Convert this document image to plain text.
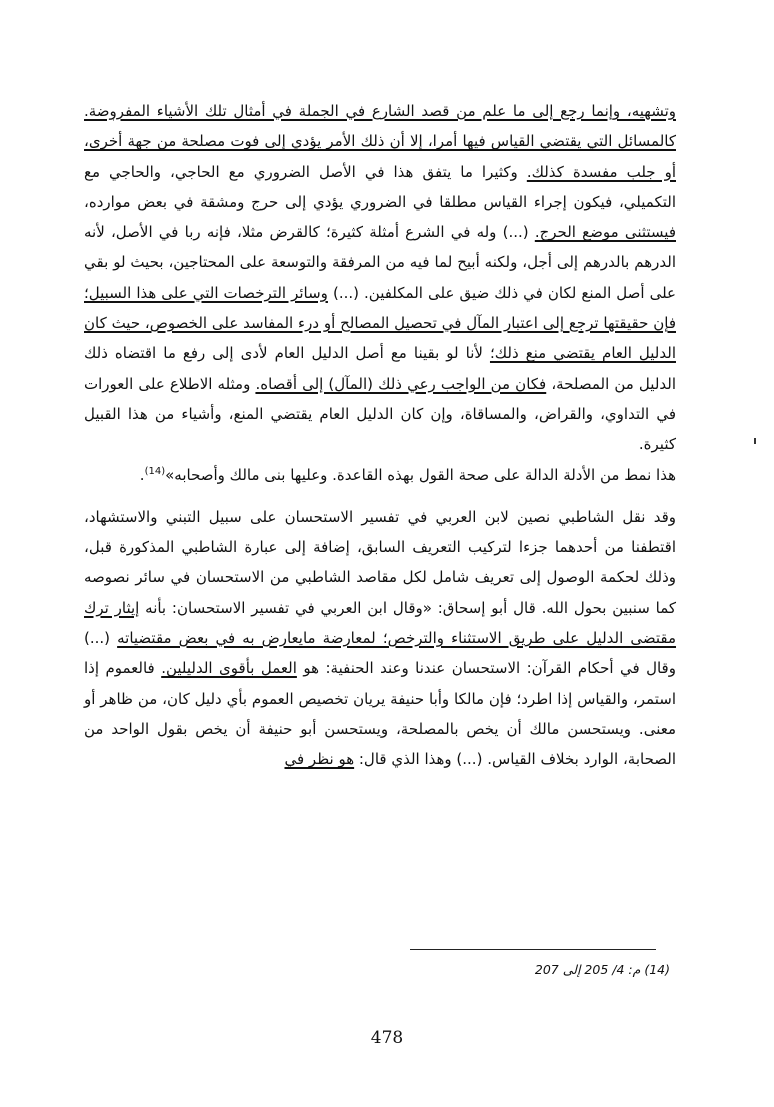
وتشهيه، وإنما رجع إلى ما علم من قصد الشارع في الجملة في أمثال تلك الأشياء المفروضة. كالمسائل التي يقتضي القياس فيها أمرا، إلا أن ذلك الأمر يؤدي إلى فوت مصلحة من جهة أخرى، أو جلب مفسدة كذلك. وكثيرا ما يتفق هذا في الأصل الضروري مع الحاجي، والحاجي مع التكميلي، فيكون إجراء القياس مطلقا في الضروري يؤدي إلى حرج ومشقة في بعض موارده، فيستثنى موضع الحرج. (...) وله في الشرع أمثلة كثيرة؛ كالقرض مثلا، فإنه ربا في الأصل، لأنه الدرهم بالدرهم إلى أجل، ولكنه أبيح لما فيه من المرفقة والتوسعة على المحتاجين، بحيث لو بقي على أصل المنع لكان في ذلك ضيق على المكلفين. (...) وسائر الترخصات التي على هذا السبيل؛ فإن حقيقتها ترجع إلى اعتبار المآل في تحصيل المصالح أو درء المفاسد على الخصوص، حيث كان الدليل العام يقتضي منع ذلك؛ لأنا لو بقينا مع أصل الدليل العام لأدى إلى رفع ما اقتضاه ذلك الدليل من المصلحة، فكان من الواجب رعي ذلك (المآل) إلى أقصاه. ومثله الاطلاع على العورات في التداوي، والقراض، والمساقاة، وإن كان الدليل العام يقتضي المنع، وأشياء من هذا القبيل كثيرة.

هذا نمط من الأدلة الدالة على صحة القول بهذه القاعدة. وعليها بنى مالك وأصحابه»$^{(14)}$.

وقد نقل الشاطبي نصين لابن العربي في تفسير الاستحسان على سبيل التبني والاستشهاد، اقتطفنا من أحدهما جزءا لتركيب التعريف السابق، إضافة إلى عبارة الشاطبي المذكورة قبل، وذلك لحكمة الوصول إلى تعريف شامل لكل مقاصد الشاطبي من الاستحسان في سائر نصوصه كما سنبين بحول الله. قال أبو إسحاق: «وقال ابن العربي في تفسير الاستحسان: بأنه إيثار ترك مقتضى الدليل على طريق الاستثناء والترخص؛ لمعارضة مايعارض به في بعض مقتضياته (...) وقال في أحكام القرآن: الاستحسان عندنا وعند الحنفية: هو العمل بأقوى الدليلين. فالعموم إذا استمر، والقياس إذا اطرد؛ فإن مالكا وأبا حنيفة يريان تخصيص العموم بأي دليل كان، من ظاهر أو معنى. ويستحسن مالك أن يخص بالمصلحة، ويستحسن أبو حنيفة أن يخص بقول الواحد من الصحابة، الوارد بخلاف القياس. (...) وهذا الذي قال: هو نظر في

(14) م: 4/ 205 إلى 207
478
